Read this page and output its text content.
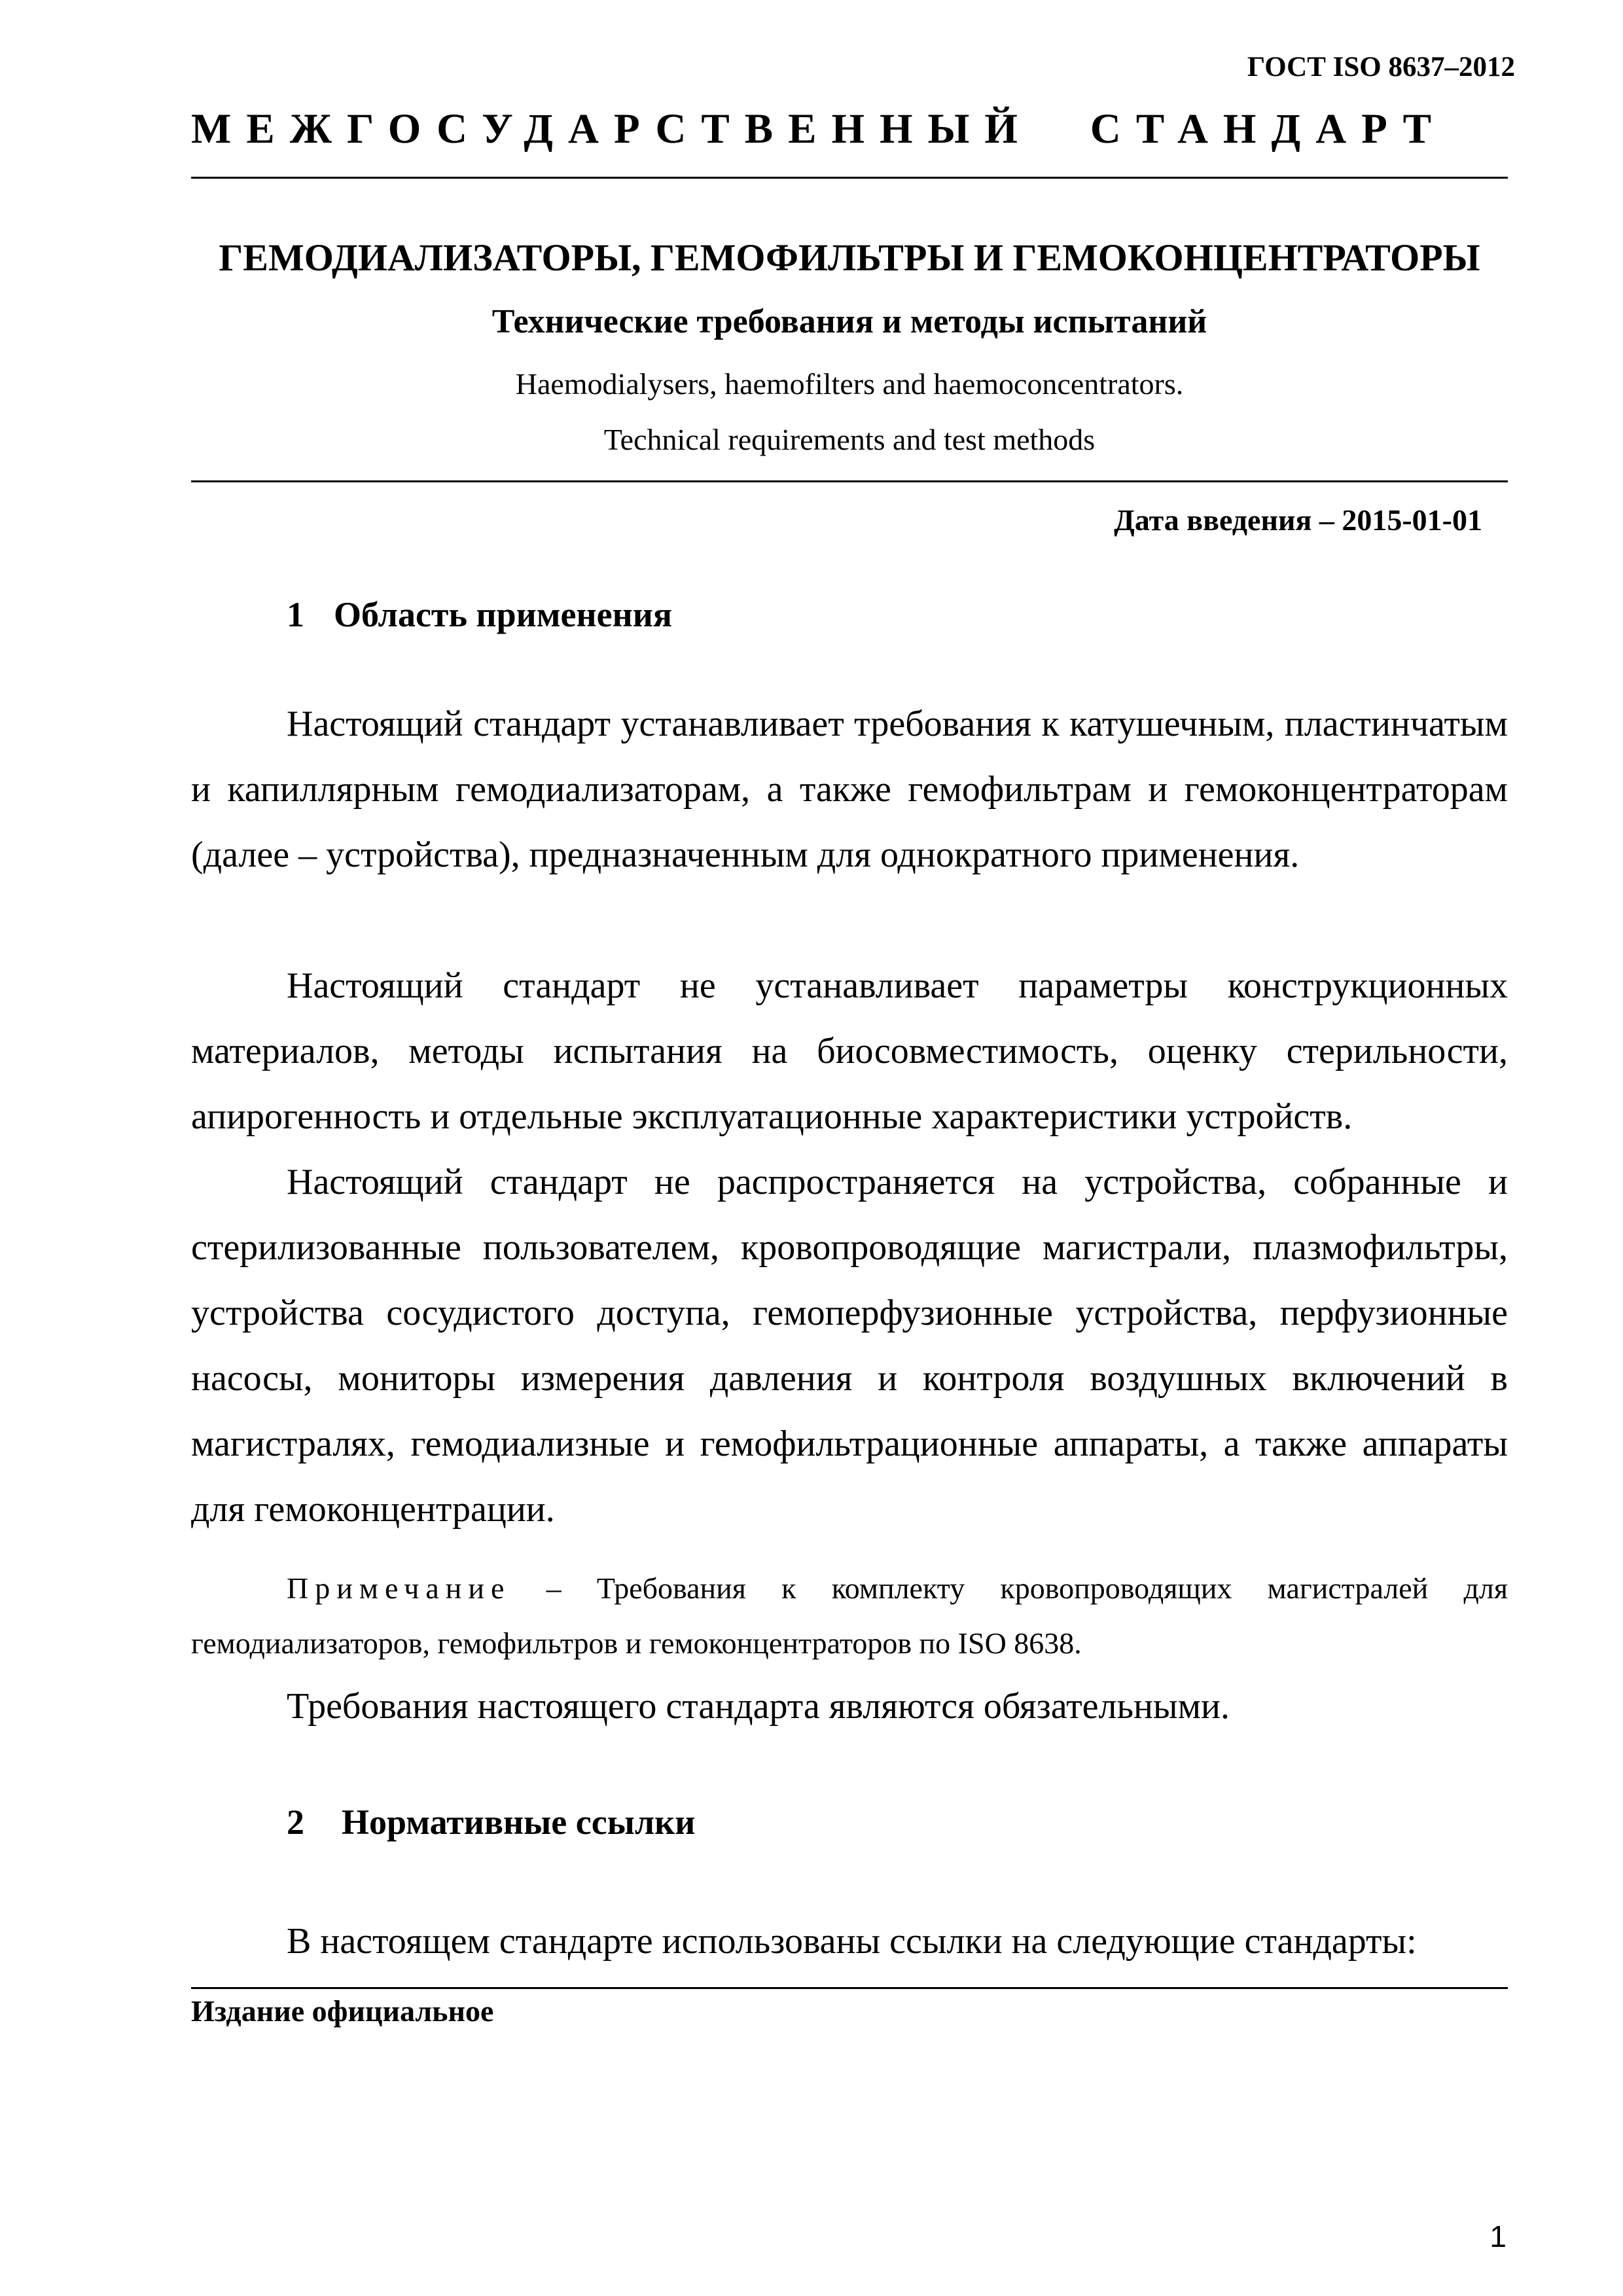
ГОСТ ISO 8637–2012
МЕЖГОСУДАРСТВЕННЫЙ СТАНДАРТ
ГЕМОДИАЛИЗАТОРЫ, ГЕМОФИЛЬТРЫ И ГЕМОКОНЦЕНТРАТОРЫ
Технические требования и методы испытаний
Haemodialysers, haemofilters and haemoconcentrators.
Technical requirements and test methods
Дата введения – 2015-01-01
1 Область применения
Настоящий стандарт устанавливает требования к катушечным, пластинчатым и капиллярным гемодиализаторам, а также гемофильтрам и гемоконцентраторам (далее – устройства), предназначенным для однократного применения.
Настоящий стандарт не устанавливает параметры конструкционных материалов, методы испытания на биосовместимость, оценку стерильности, апирогенность и отдельные эксплуатационные характеристики устройств.
Настоящий стандарт не распространяется на устройства, собранные и стерилизованные пользователем, кровопроводящие магистрали, плазмофильтры, устройства сосудистого доступа, гемоперфузионные устройства, перфузионные насосы, мониторы измерения давления и контроля воздушных включений в магистралях, гемодиализные и гемофильтрационные аппараты, а также аппараты для гемоконцентрации.
Примечание – Требования к комплекту кровопроводящих магистралей для гемодиализаторов, гемофильтров и гемоконцентраторов по ISO 8638.
Требования настоящего стандарта являются обязательными.
2 Нормативные ссылки
В настоящем стандарте использованы ссылки на следующие стандарты:
Издание официальное
1
